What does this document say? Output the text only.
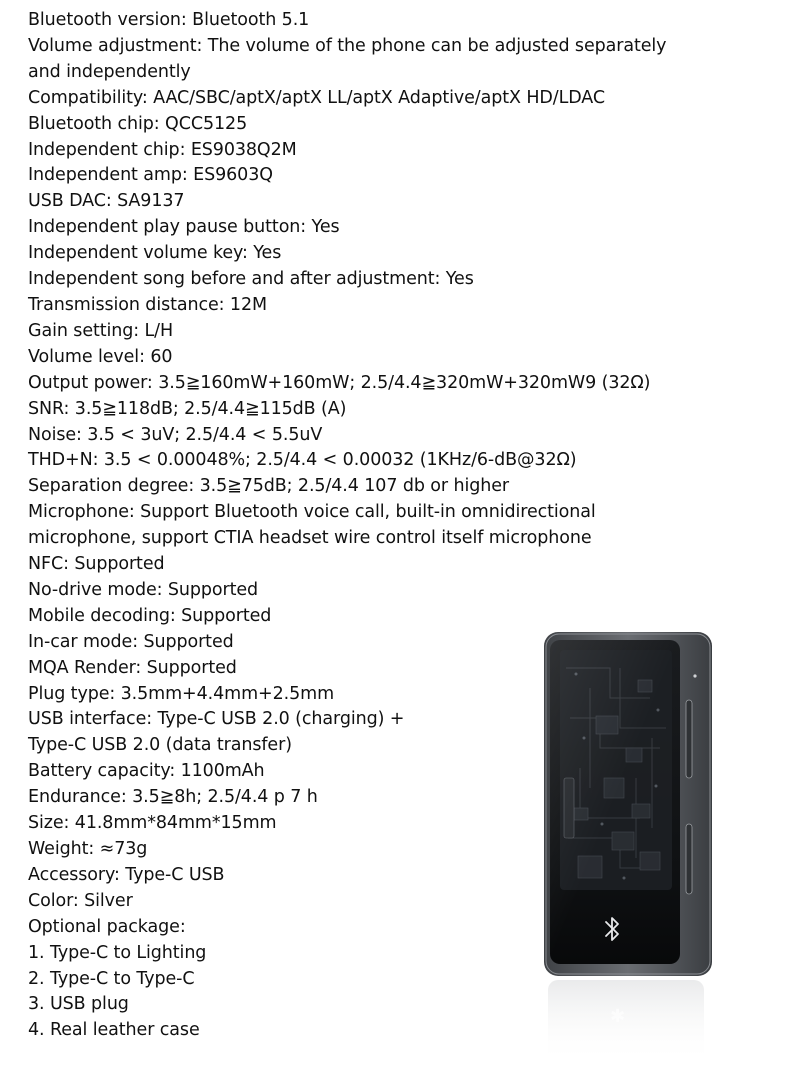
Bluetooth version: Bluetooth 5.1
Volume adjustment: The volume of the phone can be adjusted separately
and independently
Compatibility: AAC/SBC/aptX/aptX LL/aptX Adaptive/aptX HD/LDAC
Bluetooth chip: QCC5125
Independent chip: ES9038Q2M
Independent amp: ES9603Q
USB DAC: SA9137
Independent play pause button: Yes
Independent volume key: Yes
Independent song before and after adjustment: Yes
Transmission distance: 12M
Gain setting: L/H
Volume level: 60
Output power: 3.5≧160mW+160mW; 2.5/4.4≧320mW+320mW9 (32Ω)
SNR: 3.5≧118dB; 2.5/4.4≧115dB (A)
Noise: 3.5 < 3uV; 2.5/4.4 < 5.5uV
THD+N: 3.5 < 0.00048%; 2.5/4.4 < 0.00032 (1KHz/6-dB@32Ω)
Separation degree: 3.5≧75dB; 2.5/4.4 107 db or higher
Microphone: Support Bluetooth voice call, built-in omnidirectional
microphone, support CTIA headset wire control itself microphone
NFC: Supported
No-drive mode: Supported
Mobile decoding: Supported
In-car mode: Supported
MQA Render: Supported
Plug type: 3.5mm+4.4mm+2.5mm
USB interface: Type-C USB 2.0 (charging) +
Type-C USB 2.0 (data transfer)
Battery capacity: 1100mAh
Endurance: 3.5≧8h; 2.5/4.4 p 7 h
Size: 41.8mm*84mm*15mm
Weight: ≈73g
Accessory: Type-C USB
Color: Silver
Optional package:
1. Type-C to Lighting
2. Type-C to Type-C
3. USB plug
4. Real leather case
✱
